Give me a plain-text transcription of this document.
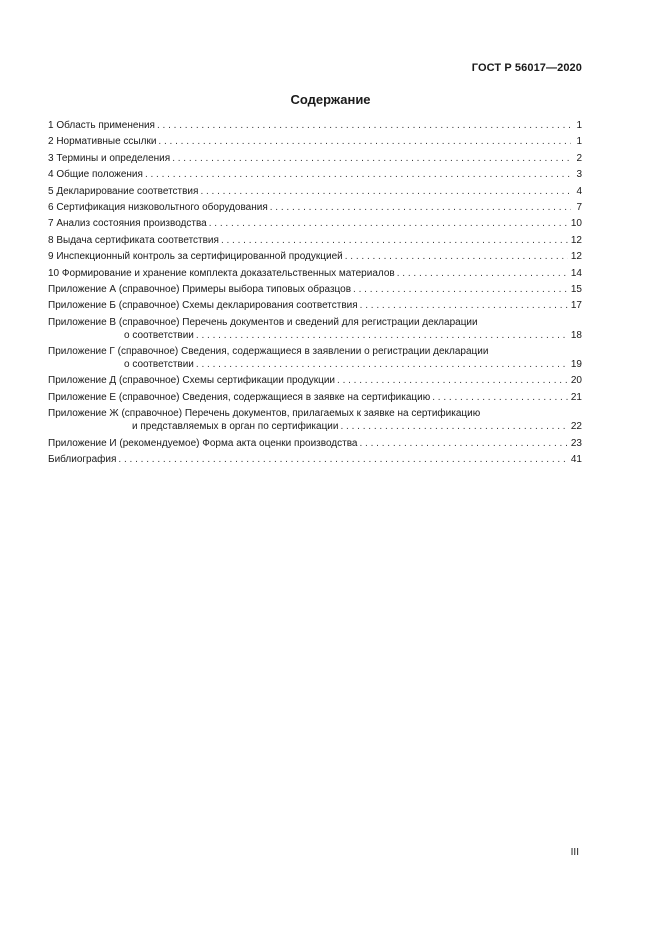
ГОСТ Р 56017—2020
Содержание
1 Область применения . . .	1
2 Нормативные ссылки . . .	1
3 Термины и определения . . .	2
4 Общие положения . . .	3
5 Декларирование соответствия . . .	4
6 Сертификация низковольтного оборудования . . .	7
7 Анализ состояния производства . . .	10
8 Выдача сертификата соответствия . . .	12
9 Инспекционный контроль за сертифицированной продукцией . . .	12
10 Формирование и хранение комплекта доказательственных материалов . . .	14
Приложение А (справочное) Примеры выбора типовых образцов . . .	15
Приложение Б (справочное) Схемы декларирования соответствия . . .	17
Приложение В (справочное) Перечень документов и сведений для регистрации декларации
о соответствии . . .	18
Приложение Г (справочное) Сведения, содержащиеся в заявлении о регистрации декларации
о соответствии . . .	19
Приложение Д (справочное) Схемы сертификации продукции . . .	20
Приложение Е (справочное) Сведения, содержащиеся в заявке на сертификацию . . .	21
Приложение Ж (справочное) Перечень документов, прилагаемых к заявке на сертификацию
и представляемых в орган по сертификации . . .	22
Приложение И (рекомендуемое) Форма акта оценки производства . . .	23
Библиография . . .	41
III
